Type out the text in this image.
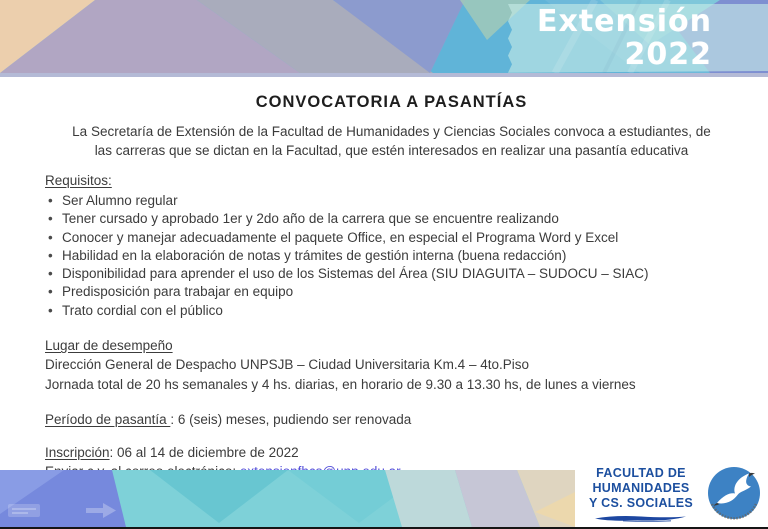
Extensión
2022
CONVOCATORIA A PASANTÍAS
La Secretaría de Extensión de la Facultad de Humanidades y Ciencias Sociales convoca a estudiantes, de
las carreras que se dictan en la Facultad, que estén interesados en realizar una pasantía educativa
Requisitos:
• Ser Alumno regular
• Tener cursado y aprobado 1er y 2do año de la carrera que se encuentre realizando
• Conocer y manejar adecuadamente el paquete Office, en especial el Programa Word y Excel
• Habilidad en la elaboración de notas y trámites de gestión interna (buena redacción)
• Disponibilidad para aprender el uso de los Sistemas del Área (SIU DIAGUITA – SUDOCU – SIAC)
• Predisposición para trabajar en equipo
• Trato cordial con el público
Lugar de desempeño
Dirección General de Despacho UNPSJB – Ciudad Universitaria Km.4 – 4to.Piso
Jornada total de 20 hs semanales y 4 hs. diarias, en horario de 9.30 a 13.30 hs, de lunes a viernes
Período de pasantía : 6 (seis) meses, pudiendo ser renovada
Inscripción: 06 al 14 de diciembre de 2022
FACULTAD DE
HUMANIDADES
Y CS. SOCIALES
